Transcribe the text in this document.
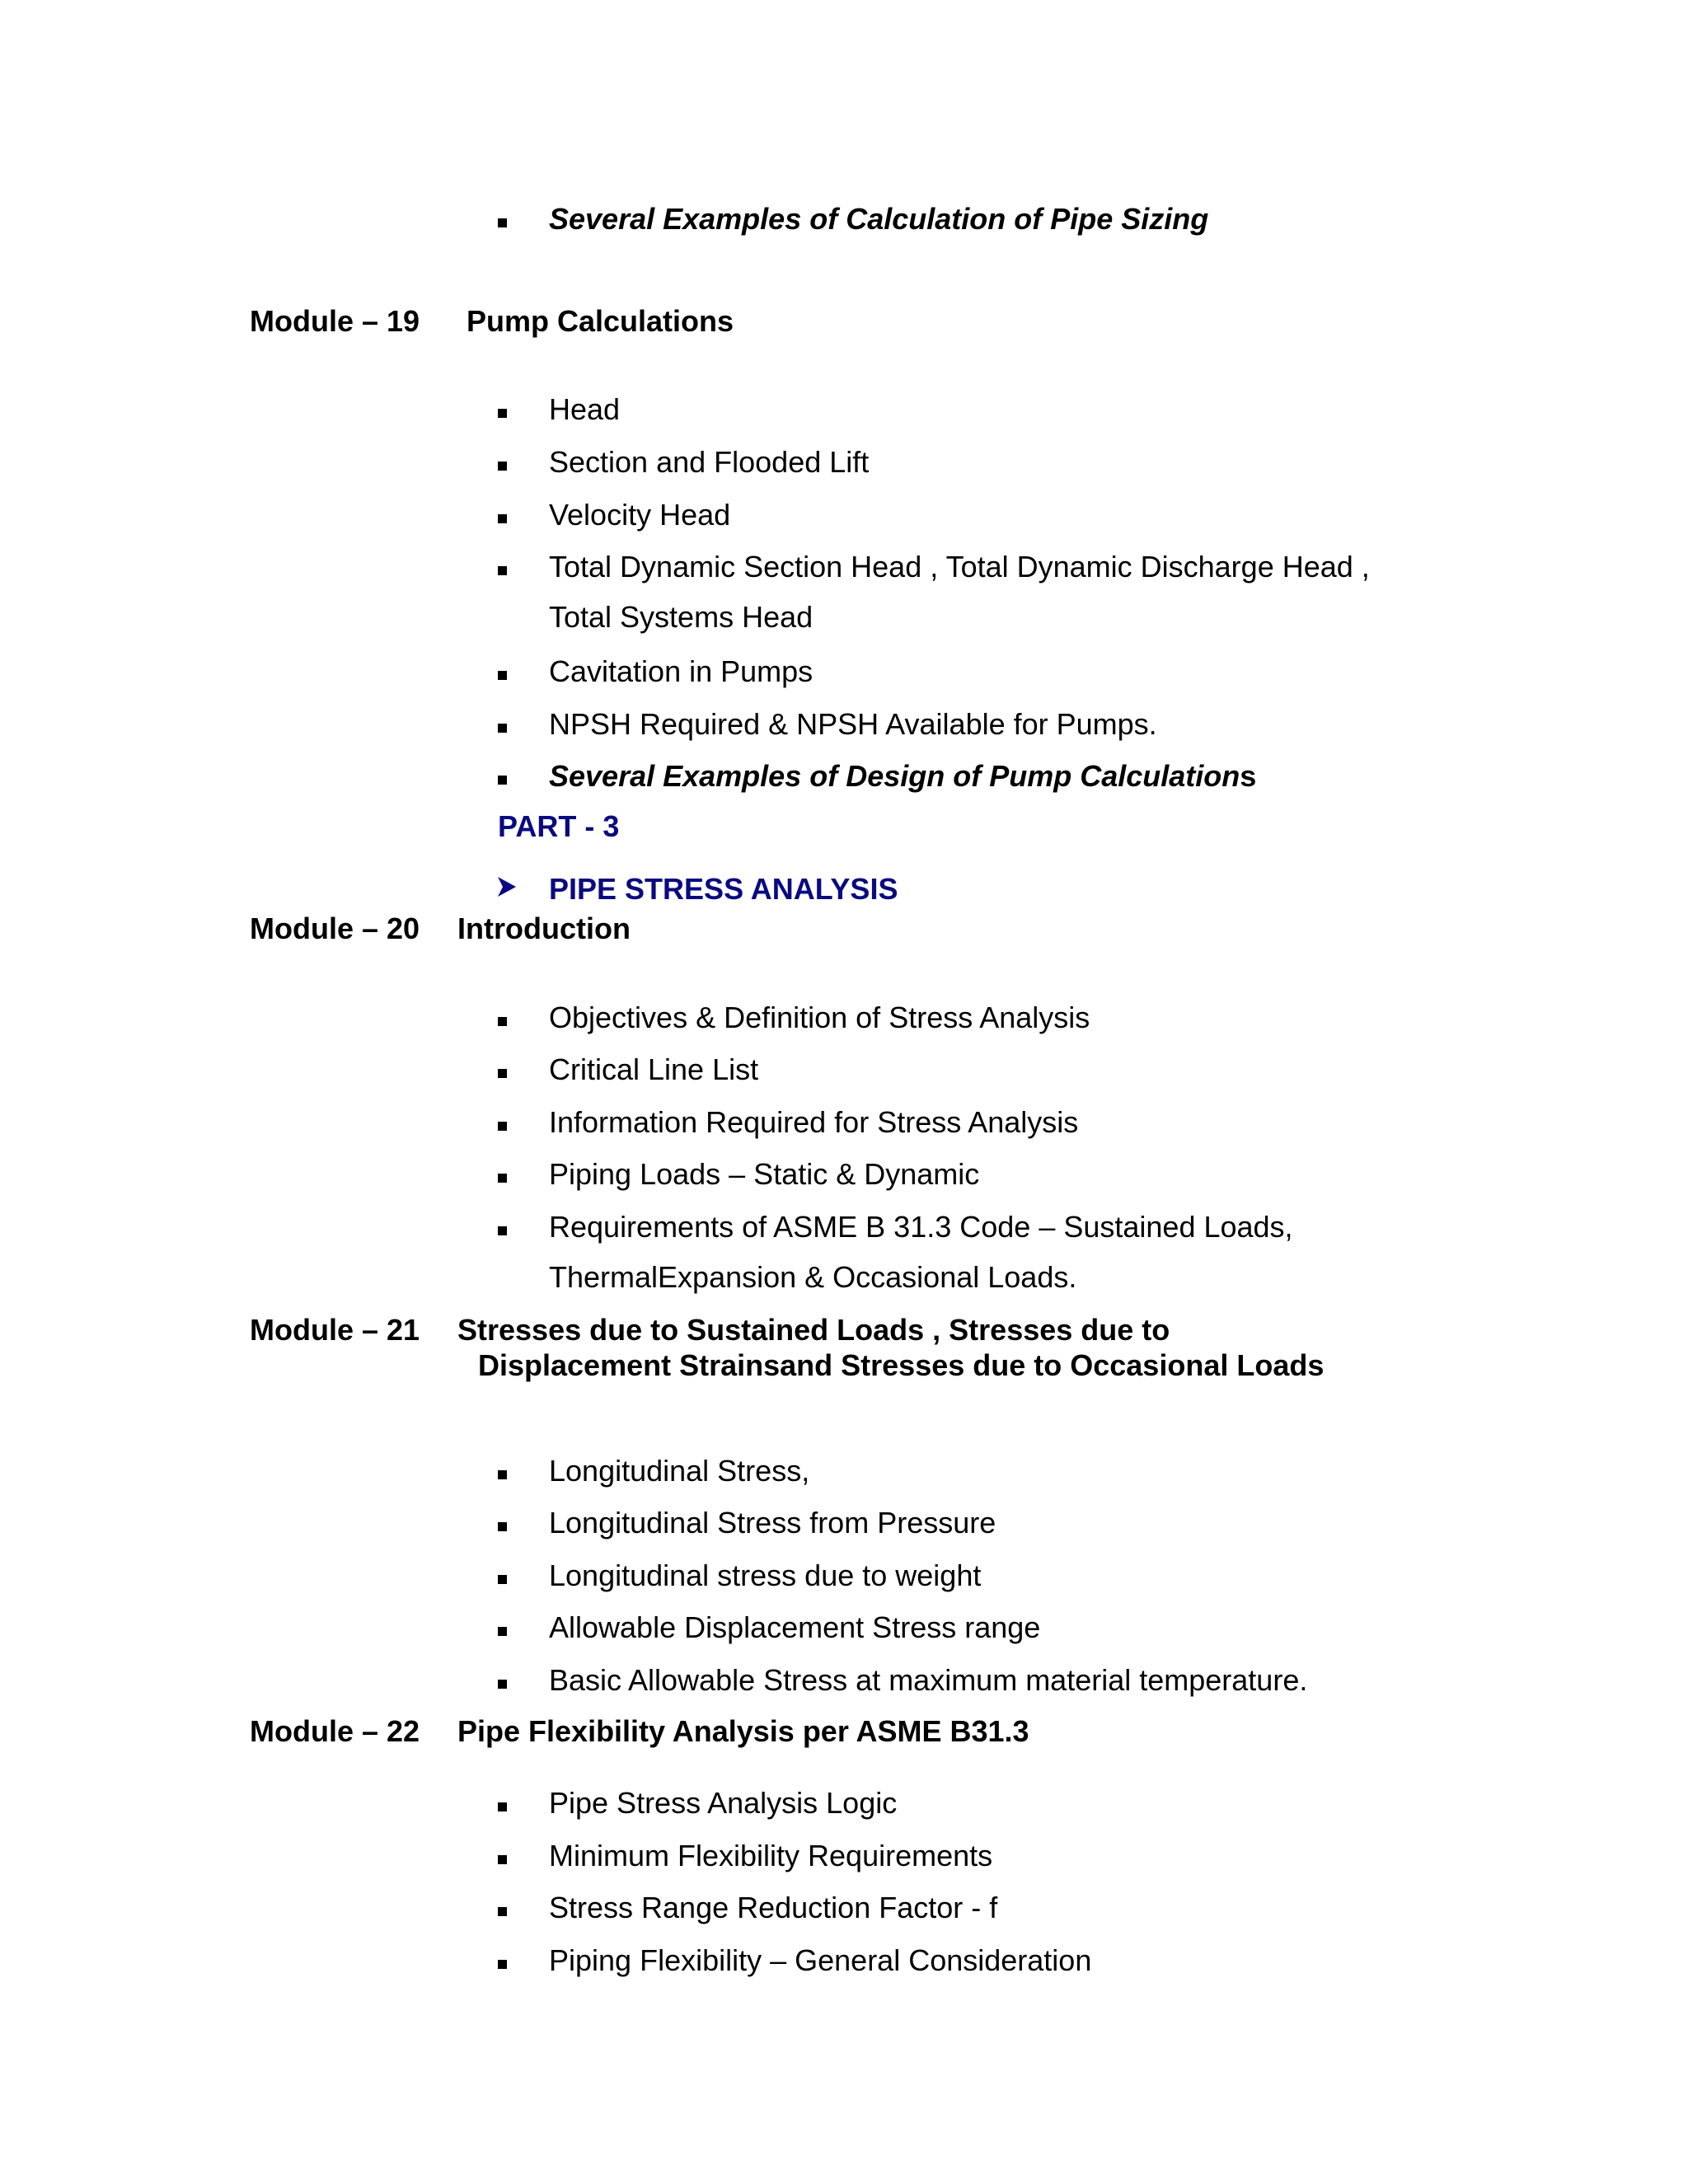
Several Examples of Calculation of Pipe Sizing
Module – 19 Pump Calculations
Head
Section and Flooded Lift
Velocity Head
Total Dynamic Section Head , Total Dynamic Discharge Head ,
Total Systems Head
Cavitation in Pumps
NPSH Required & NPSH Available for Pumps.
Several Examples of Design of Pump Calculations
PART - 3
PIPE STRESS ANALYSIS
Module – 20 Introduction
Objectives & Definition of Stress Analysis
Critical Line List
Information Required for Stress Analysis
Piping Loads – Static & Dynamic
Requirements of ASME B 31.3 Code – Sustained Loads,
ThermalExpansion & Occasional Loads.
Module – 21 Stresses due to Sustained Loads , Stresses due to
Displacement Strainsand Stresses due to Occasional Loads
Longitudinal Stress,
Longitudinal Stress from Pressure
Longitudinal stress due to weight
Allowable Displacement Stress range
Basic Allowable Stress at maximum material temperature.
Module – 22 Pipe Flexibility Analysis per ASME B31.3
Pipe Stress Analysis Logic
Minimum Flexibility Requirements
Stress Range Reduction Factor - f
Piping Flexibility – General Consideration
